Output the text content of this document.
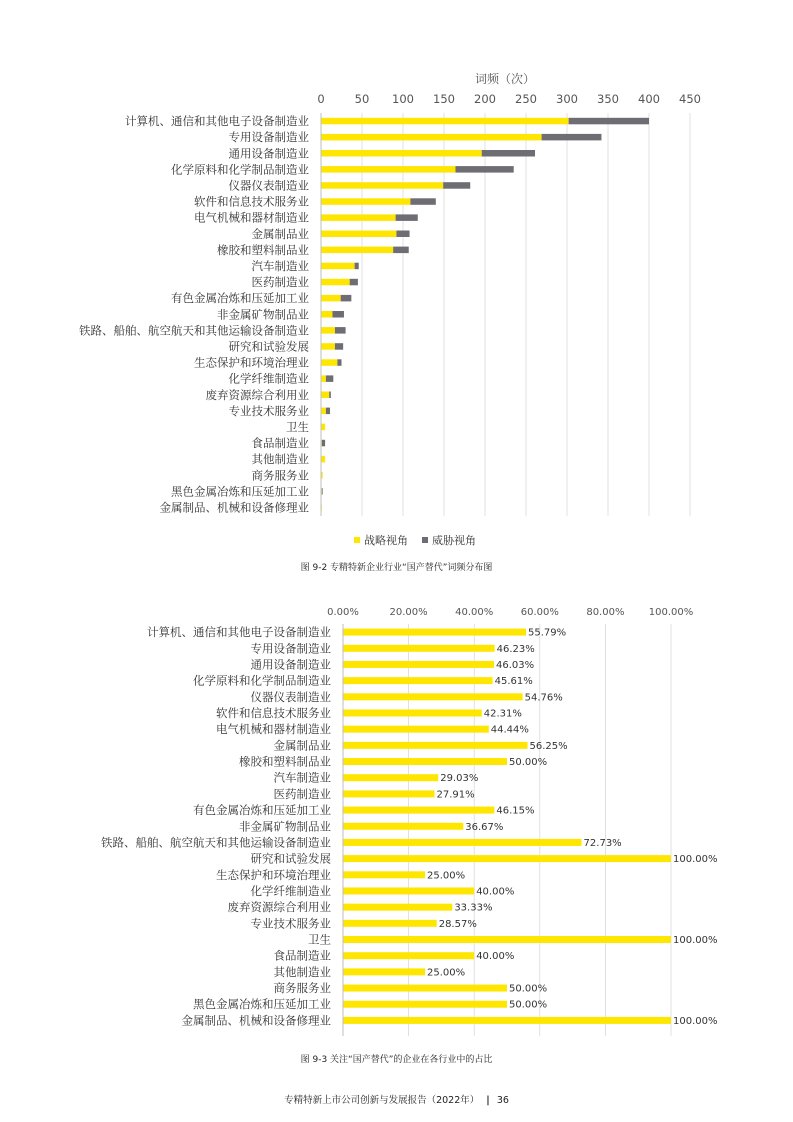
词频（次）
0	50 100 150 200 250 300 350 400 450
计算机、通信和其他电子设备制造业
专用设备制造业
通用设备制造业
化学原料和化学制品制造业
仪器仪表制造业
软件和信息技术服务业
电气机械和器材制造业
金属制品业
橡胶和塑料制品业
汽车制造业
医药制造业
有色金属冶炼和压延加工业
非金属矿物制品业
铁路、船舶、航空航天和其他运输设备制造业
研究和试验发展
生态保护和环境治理业
化学纤维制造业
废弃资源综合利用业
专业技术服务业
卫生
食品制造业
其他制造业
商务服务业
黑色金属冶炼和压延加工业
金属制品、机械和设备修理业
战略视角 威胁视角
图 9-2 专精特新企业行业“国产替代”词频分布图
0.00%	20.00%	40.00%	60.00%	80.00% 100.00%
计算机、通信和其他电子设备制造业	55.79%
专用设备制造业	46.23%
通用设备制造业	46.03%
化学原料和化学制品制造业	45.61%
仪器仪表制造业	54.76%
软件和信息技术服务业	42.31%
电气机械和器材制造业	44.44%
金属制品业	56.25%
橡胶和塑料制品业	50.00%
汽车制造业	29.03%
医药制造业	27.91%
有色金属冶炼和压延加工业	46.15%
非金属矿物制品业	36.67%
铁路、船舶、航空航天和其他运输设备制造业	72.73%
研究和试验发展	100.00%
生态保护和环境治理业	25.00%
化学纤维制造业	40.00%
废弃资源综合利用业	33.33%
专业技术服务业	28.57%
卫生	100.00%
食品制造业	40.00%
其他制造业	25.00%
商务服务业	50.00%
黑色金属冶炼和压延加工业	50.00%
金属制品、机械和设备修理业	100.00%
图 9-3 关注“国产替代”的企业在各行业中的占比
专精特新上市公司创新与发展报告（2022年） | 36
